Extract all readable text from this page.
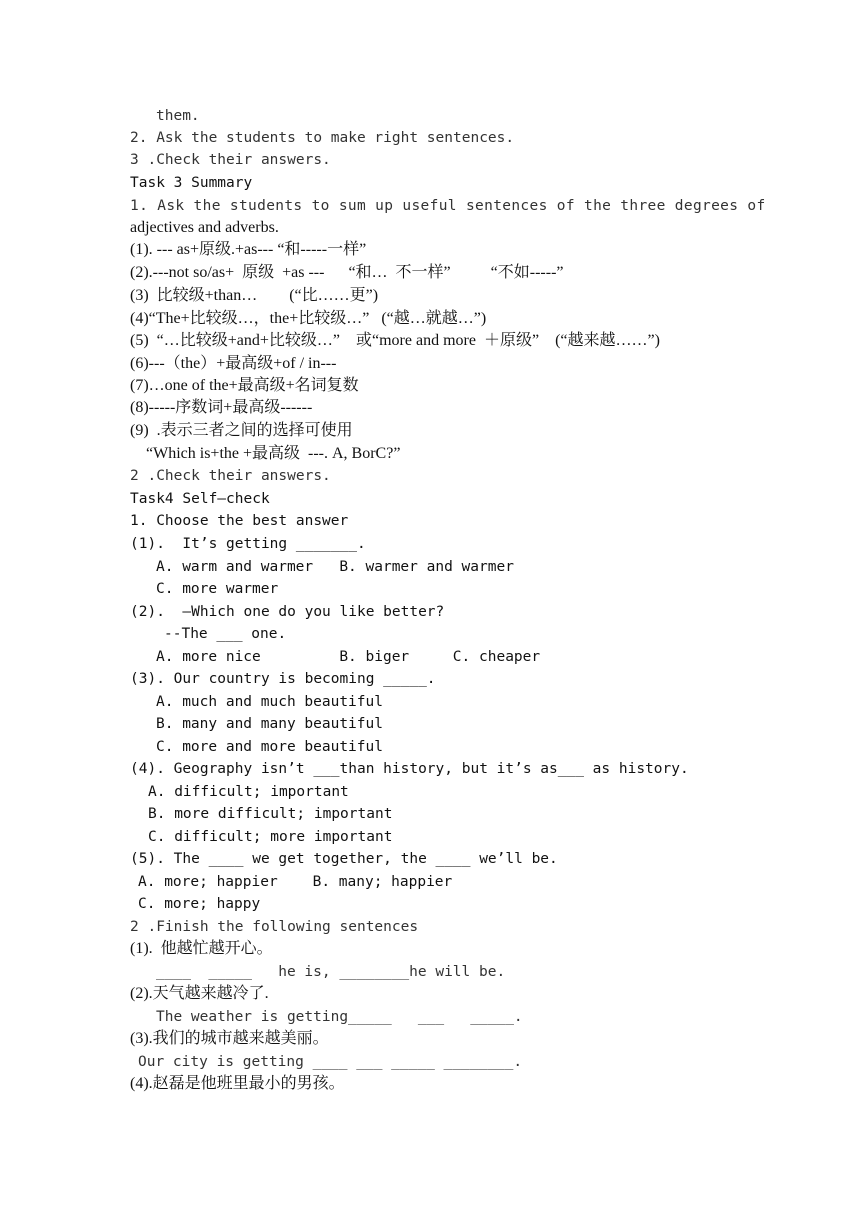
them.
2. Ask the students to make right sentences.
3 .Check their answers.
Task 3 Summary
1. Ask the students to sum up useful sentences of the three degrees of
adjectives and adverbs.
(1). --- as+原级.+as--- “和-----一样”
(2).---not so/as+  原级  +as ---      “和…  不一样”          “不如-----”
(3)  比较级+than…        (“比……更”)
(4)“The+比较级…，the+比较级…”   (“越…就越…”)
(5)  “…比较级+and+比较级…”    或“more and more  ＋原级”    (“越来越……”)
(6)---（the）+最高级+of / in---
(7)…one of the+最高级+名词复数
(8)-----序数词+最高级------
(9)  .表示三者之间的选择可使用
“Which is+the +最高级  ---. A, BorC?”
2 .Check their answers.
Task4 Self—check
1. Choose the best answer
(1).  It’s getting _______.
A. warm and warmer   B. warmer and warmer
C. more warmer
(2).  –Which one do you like better?
--The ___ one.
A. more nice         B. biger     C. cheaper
(3). Our country is becoming _____.
A. much and much beautiful
B. many and many beautiful
C. more and more beautiful
(4). Geography isn’t ___than history, but it’s as___ as history.
A. difficult; important
B. more difficult; important
C. difficult; more important
(5). The ____ we get together, the ____ we’ll be.
A. more; happier    B. many; happier
C. more; happy
2 .Finish the following sentences
(1).  他越忙越开心。
____  _____   he is, ________he will be.
(2).天气越来越冷了.
The weather is getting_____   ___   _____.
(3).我们的城市越来越美丽。
Our city is getting ____ ___ _____ ________.
(4).赵磊是他班里最小的男孩。
